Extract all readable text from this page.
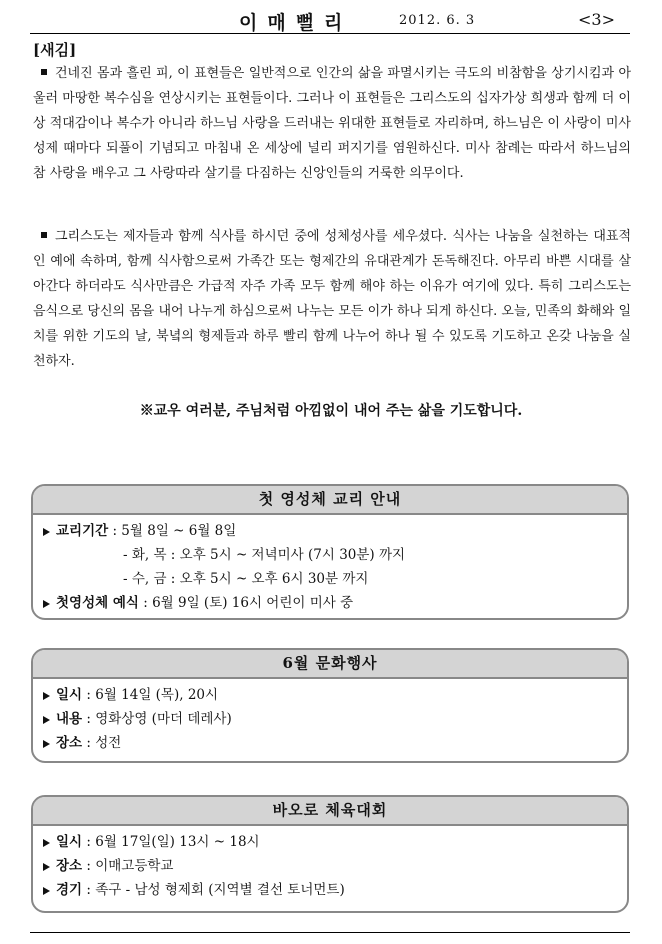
이매뻘리	2012. 6. 3	<3>
[새김]
건네진 몸과 흘린 피, 이 표현들은 일반적으로 인간의 삶을 파멸시키는 극도의 비참함을 상기시킴과 아울러 마땅한 복수심을 연상시키는 표현들이다. 그러나 이 표현들은 그리스도의 십자가상 희생과 함께 더 이상 적대감이나 복수가 아니라 하느님 사랑을 드러내는 위대한 표현들로 자리하며, 하느님은 이 사랑이 미사성제 때마다 되풀이 기념되고 마침내 온 세상에 널리 퍼지기를 염원하신다. 미사 참례는 따라서 하느님의 참 사랑을 배우고 그 사랑따라 살기를 다짐하는 신앙인들의 거룩한 의무이다.
그리스도는 제자들과 함께 식사를 하시던 중에 성체성사를 세우셨다. 식사는 나눔을 실천하는 대표적인 예에 속하며, 함께 식사함으로써 가족간 또는 형제간의 유대관계가 돈독해진다. 아무리 바쁜 시대를 살아간다 하더라도 식사만큼은 가급적 자주 가족 모두 함께 해야 하는 이유가 여기에 있다. 특히 그리스도는 음식으로 당신의 몸을 내어 나누게 하심으로써 나누는 모든 이가 하나 되게 하신다. 오늘, 민족의 화해와 일치를 위한 기도의 날, 북녘의 형제들과 하루 빨리 함께 나누어 하나 될 수 있도록 기도하고 온갖 나눔을 실천하자.
※교우 여러분, 주님처럼 아낌없이 내어 주는 삶을 기도합니다.
첫 영성체 교리 안내
교리기간 : 5월 8일 ~ 6월 8일
- 화, 목 : 오후 5시 ~ 저녁미사 (7시 30분) 까지
- 수, 금 : 오후 5시 ~ 오후 6시 30분 까지
첫영성체 예식 : 6월 9일 (토) 16시 어린이 미사 중
6월 문화행사
일시 : 6월 14일 (목), 20시
내용 : 영화상영 (마더 데레사)
장소 : 성전
바오로 체육대회
일시 : 6월 17일(일) 13시 ~ 18시
장소 : 이매고등학교
경기 : 족구 - 남성 형제회 (지역별 결선 토너먼트)
